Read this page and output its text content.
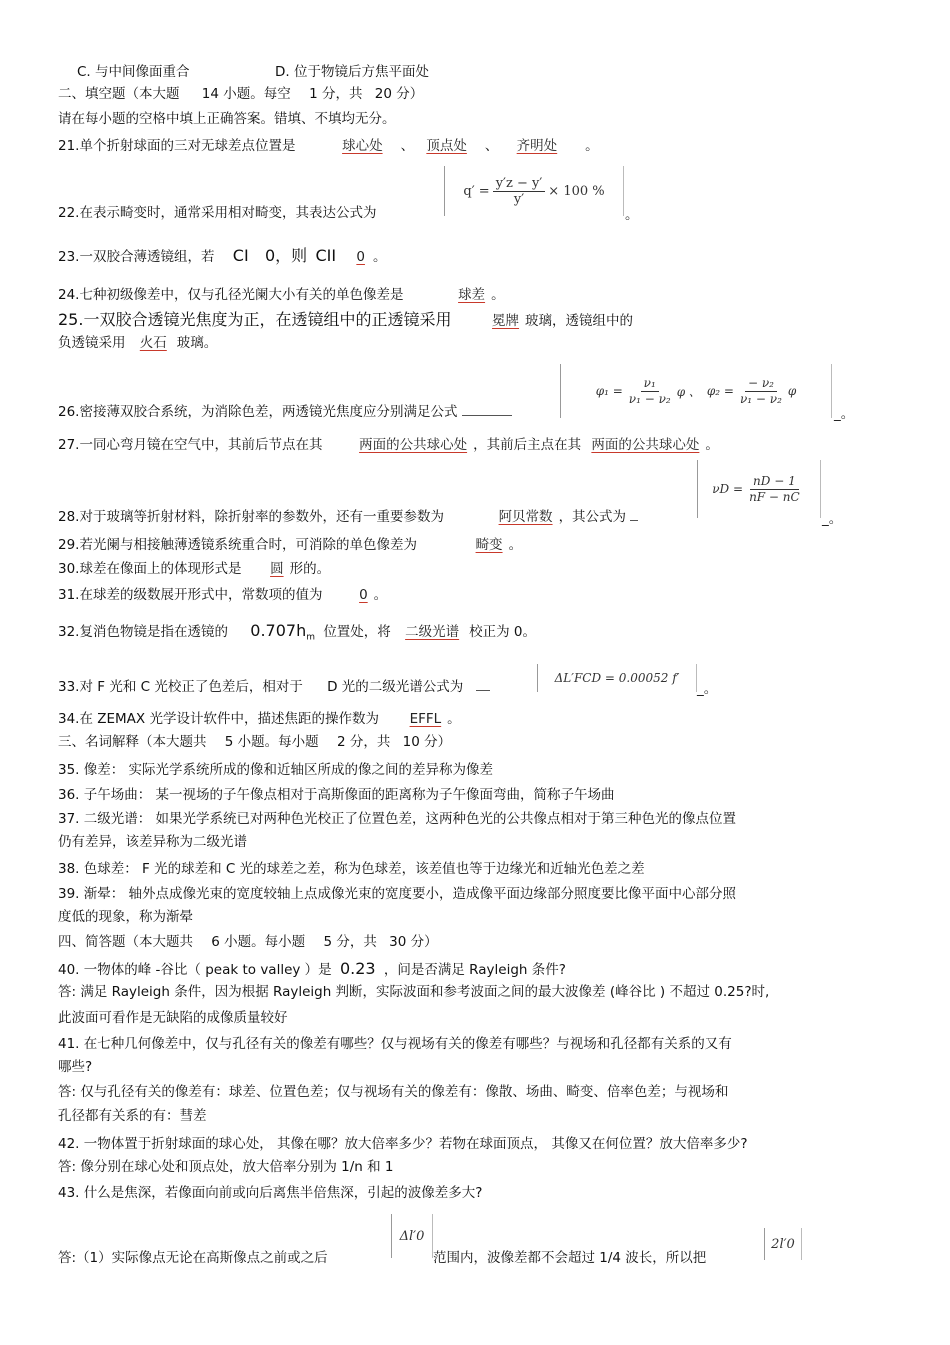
C. 与中间像面重合	D. 位于物镜后方焦平面处
二、填空题（本大题 14 小题。每空 1 分，共 20 分）
请在每小题的空格中填上正确答案。错填、不填均无分。
21.单个折射球面的三对无球差点位置是	球心处 、 顶点处 、 齐明处 。
22.在表示畸变时，通常采用相对畸变，其表达公式为
$q' = \frac{y'z - y'}{y'} \times 100$ %
。
23.一双胶合薄透镜组，若 CI 0，则 CII 0 。
24.七种初级像差中，仅与孔径光阑大小有关的单色像差是	球差 。
25.一双胶合透镜光焦度为正，在透镜组中的正透镜采用	冕牌 玻璃，透镜组中的
负透镜采用 火石 玻璃。
26.密接薄双胶合系统，为消除色差，两透镜光焦度应分别满足公式
$\varphi_1 = \frac{\text{ν₁}}{\text{ν₁ − ν₂}}$ φ 、 $\varphi_2 = \frac{\text{− ν₂}}{\text{ν₁ − ν₂}}$ φ
_。
27.一同心弯月镜在空气中，其前后节点在其	两面的公共球心处 ，其前后主点在其 两面的公共球心处 。
28.对于玻璃等折射材料，除折射率的参数外，还有一重要参数为	阿贝常数 ，其公式为
$\nu D = \frac{nD - 1}{nF - nC}$
_。
29.若光阑与相接触薄透镜系统重合时，可消除的单色像差为	畸变 。
30.球差在像面上的体现形式是 圆 形的。
31.在球差的级数展开形式中，常数项的值为	0 。
32.复消色物镜是指在透镜的 $0.707h_m$ 位置处，将 二级光谱 校正为 0。
33.对 F 光和 C 光校正了色差后，相对于 D 光的二级光谱公式为
ΔL′FCD = 0.00052 f′
_。
34.在 ZEMAX 光学设计软件中，描述焦距的操作数为 EFFL 。
三、名词解释（本大题共 5 小题。每小题 2 分，共 10 分）
35. 像差： 实际光学系统所成的像和近轴区所成的像之间的差异称为像差
36. 子午场曲： 某一视场的子午像点相对于高斯像面的距离称为子午像面弯曲，简称子午场曲
37. 二级光谱： 如果光学系统已对两种色光校正了位置色差，这两种色光的公共像点相对于第三种色光的像点位置
仍有差异，该差异称为二级光谱
38. 色球差： F 光的球差和 C 光的球差之差，称为色球差，该差值也等于边缘光和近轴光色差之差
39. 渐晕： 轴外点成像光束的宽度较轴上点成像光束的宽度要小，造成像平面边缘部分照度要比像平面中心部分照
度低的现象，称为渐晕
四、简答题（本大题共 6 小题。每小题 5 分，共 30 分）
40. 一物体的峰 -谷比（ peak to valley ）是 0.23 ，问是否满足 Rayleigh 条件?
答: 满足 Rayleigh 条件，因为根据 Rayleigh 判断，实际波面和参考波面之间的最大波像差 (峰谷比 ) 不超过 0.25?时,
此波面可看作是无缺陷的成像质量较好
41. 在七种几何像差中，仅与孔径有关的像差有哪些？仅与视场有关的像差有哪些？与视场和孔径都有关系的又有
哪些?
答: 仅与孔径有关的像差有：球差、位置色差；仅与视场有关的像差有：像散、场曲、畸变、倍率色差；与视场和
孔径都有关系的有：彗差
42. 一物体置于折射球面的球心处， 其像在哪？放大倍率多少？若物在球面顶点， 其像又在何位置？放大倍率多少?
答: 像分别在球心处和顶点处，放大倍率分别为 1/n 和 1
43. 什么是焦深，若像面向前或向后离焦半倍焦深，引起的波像差多大?
答:（1）实际像点无论在高斯像点之前或之后
Δl′0
范围内，波像差都不会超过 1/4 波长，所以把
2l′0
